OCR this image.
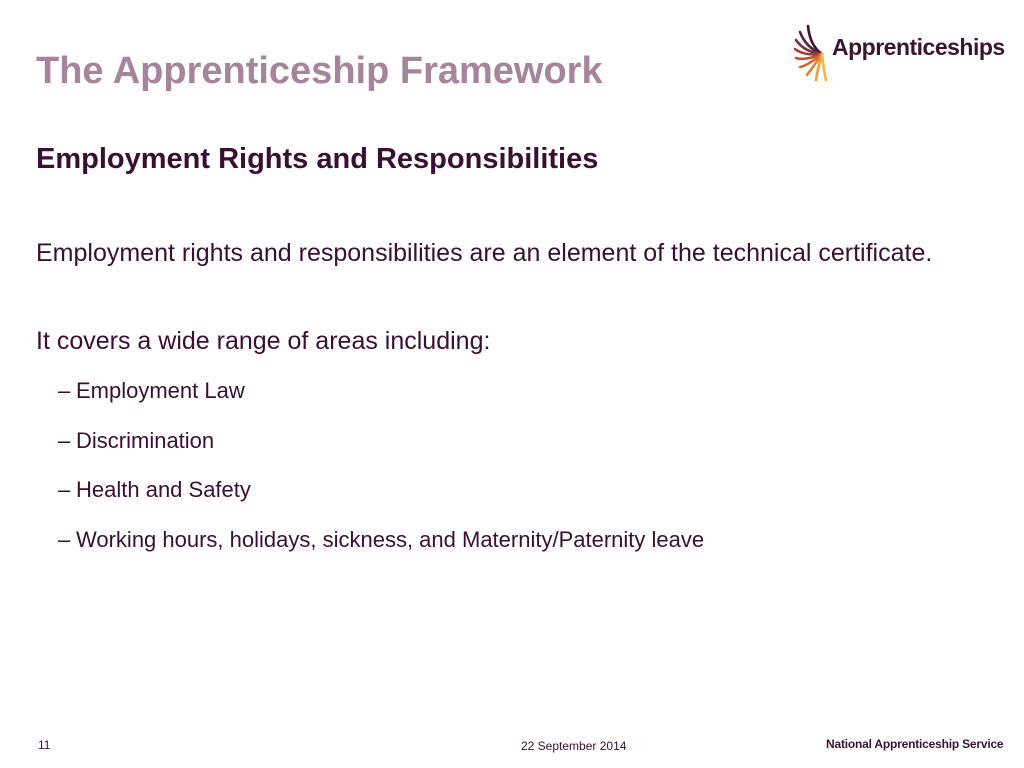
The Apprenticeship Framework
Apprenticeships
Employment Rights and Responsibilities

Employment rights and responsibilities are an element of the technical certificate.

It covers a wide range of areas including:

– Employment Law
– Discrimination
– Health and Safety
– Working hours, holidays, sickness, and Maternity/Paternity leave
11	22 September 2014	National Apprenticeship Service
